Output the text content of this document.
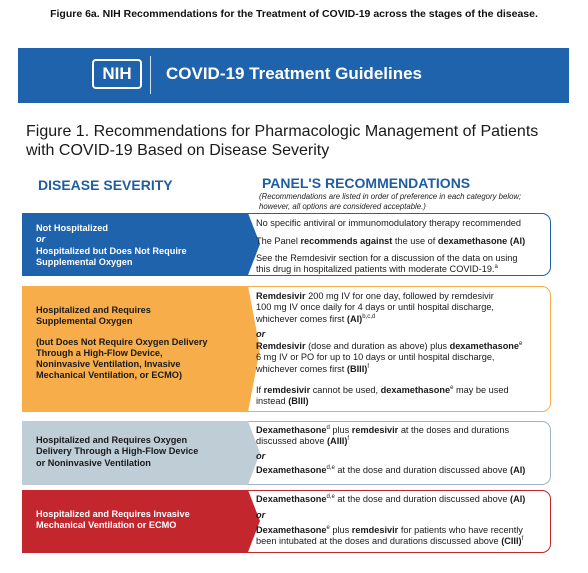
Figure 6a. NIH Recommendations for the Treatment of COVID-19 across the stages of the disease.
NIH	COVID-19 Treatment Guidelines
Figure 1. Recommendations for Pharmacologic Management of Patients with COVID-19 Based on Disease Severity
DISEASE SEVERITY	PANEL'S RECOMMENDATIONS
(Recommendations are listed in order of preference in each category below; however, all options are considered acceptable.)
Not Hospitalized
or
Hospitalized but Does Not Require
Supplemental Oxygen
No specific antiviral or immunomodulatory therapy recommended
The Panel recommends against the use of dexamethasone (AI)
See the Remdesivir section for a discussion of the data on using
this drug in hospitalized patients with moderate COVID-19.$^a$
Hospitalized and Requires
Supplemental Oxygen
(but Does Not Require Oxygen Delivery
Through a High-Flow Device,
Noninvasive Ventilation, Invasive
Mechanical Ventilation, or ECMO)
Remdesivir 200 mg IV for one day, followed by remdesivir
100 mg IV once daily for 4 days or until hospital discharge,
whichever comes first (AI)$^{b,c,d}$
or
Remdesivir (dose and duration as above) plus dexamethasone$^e$
6 mg IV or PO for up to 10 days or until hospital discharge,
whichever comes first (BIII)$^f$
If remdesivir cannot be used, dexamethasone$^e$ may be used
instead (BIII)
Hospitalized and Requires Oxygen
Delivery Through a High-Flow Device
or Noninvasive Ventilation
Dexamethasone$^d$ plus remdesivir at the doses and durations
discussed above (AIII)$^f$
or
Dexamethasone$^{d,e}$ at the dose and duration discussed above (AI)
Hospitalized and Requires Invasive
Mechanical Ventilation or ECMO
Dexamethasone$^{d,e}$ at the dose and duration discussed above (AI)
or
Dexamethasone$^e$ plus remdesivir for patients who have recently
been intubated at the doses and durations discussed above (CIII)$^f$
